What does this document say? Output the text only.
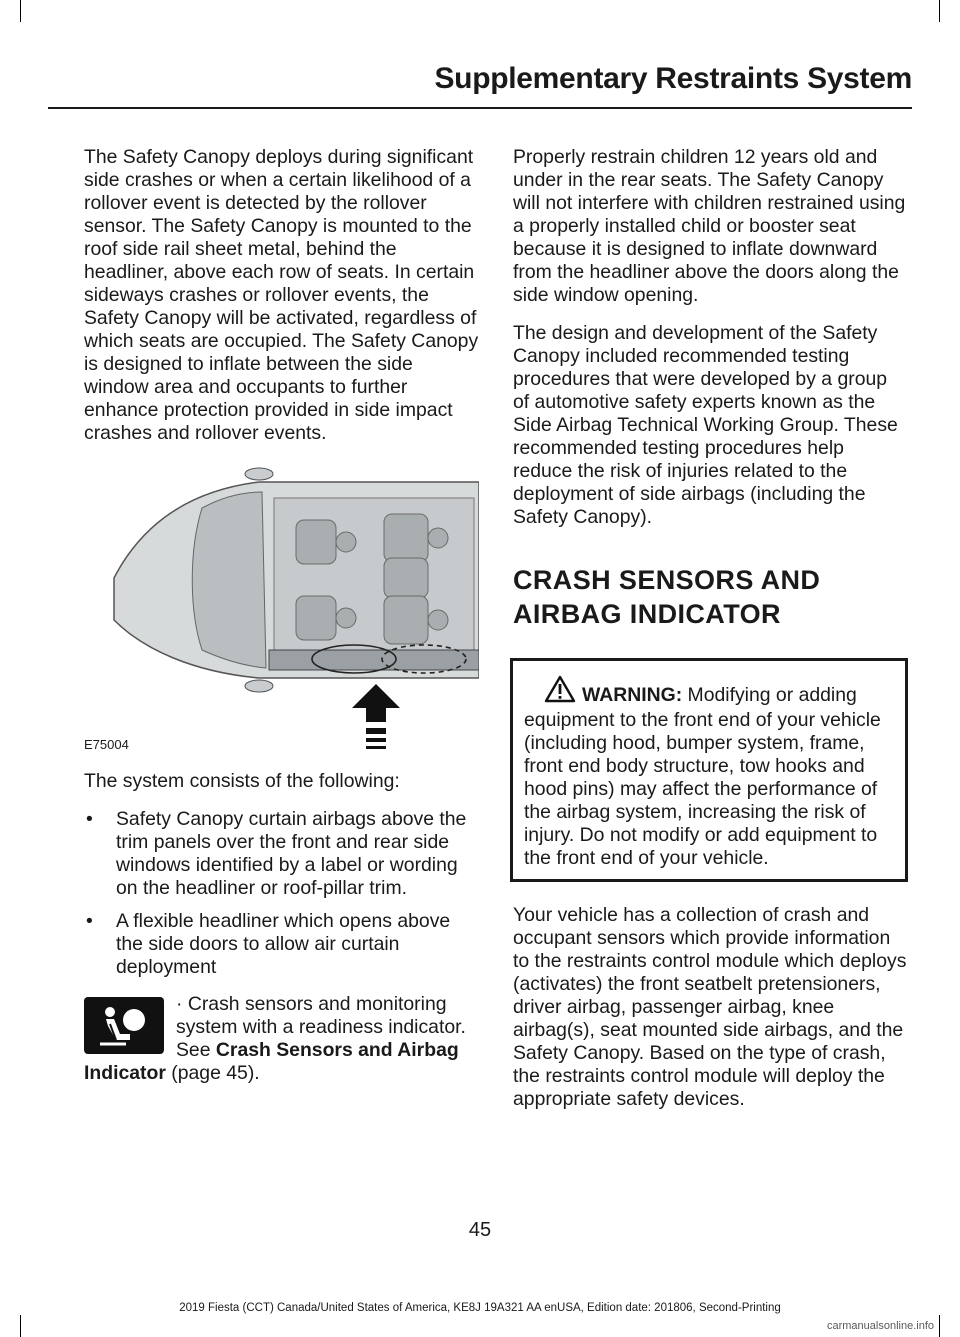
Supplementary Restraints System

The Safety Canopy deploys during significant side crashes or when a certain likelihood of a rollover event is detected by the rollover sensor. The Safety Canopy is mounted to the roof side rail sheet metal, behind the headliner, above each row of seats. In certain sideways crashes or rollover events, the Safety Canopy will be activated, regardless of which seats are occupied. The Safety Canopy is designed to inflate between the side window area and occupants to further enhance protection provided in side impact crashes and rollover events.

E75004

The system consists of the following:

• Safety Canopy curtain airbags above the trim panels over the front and rear side windows identified by a label or wording on the headliner or roof-pillar trim.
• A flexible headliner which opens above the side doors to allow air curtain deployment
· Crash sensors and monitoring system with a readiness indicator. See Crash Sensors and Airbag Indicator (page 45).

Properly restrain children 12 years old and under in the rear seats. The Safety Canopy will not interfere with children restrained using a properly installed child or booster seat because it is designed to inflate downward from the headliner above the doors along the side window opening.

The design and development of the Safety Canopy included recommended testing procedures that were developed by a group of automotive safety experts known as the Side Airbag Technical Working Group. These recommended testing procedures help reduce the risk of injuries related to the deployment of side airbags (including the Safety Canopy).

CRASH SENSORS AND
AIRBAG INDICATOR
WARNING: Modifying or adding equipment to the front end of your vehicle (including hood, bumper system, frame, front end body structure, tow hooks and hood pins) may affect the performance of the airbag system, increasing the risk of injury. Do not modify or add equipment to the front end of your vehicle.

Your vehicle has a collection of crash and occupant sensors which provide information to the restraints control module which deploys (activates) the front seatbelt pretensioners, driver airbag, passenger airbag, knee airbag(s), seat mounted side airbags, and the Safety Canopy. Based on the type of crash, the restraints control module will deploy the appropriate safety devices.

45
2019 Fiesta (CCT) Canada/United States of America, KE8J 19A321 AA enUSA, Edition date: 201806, Second-Printing
carmanualsonline.info
